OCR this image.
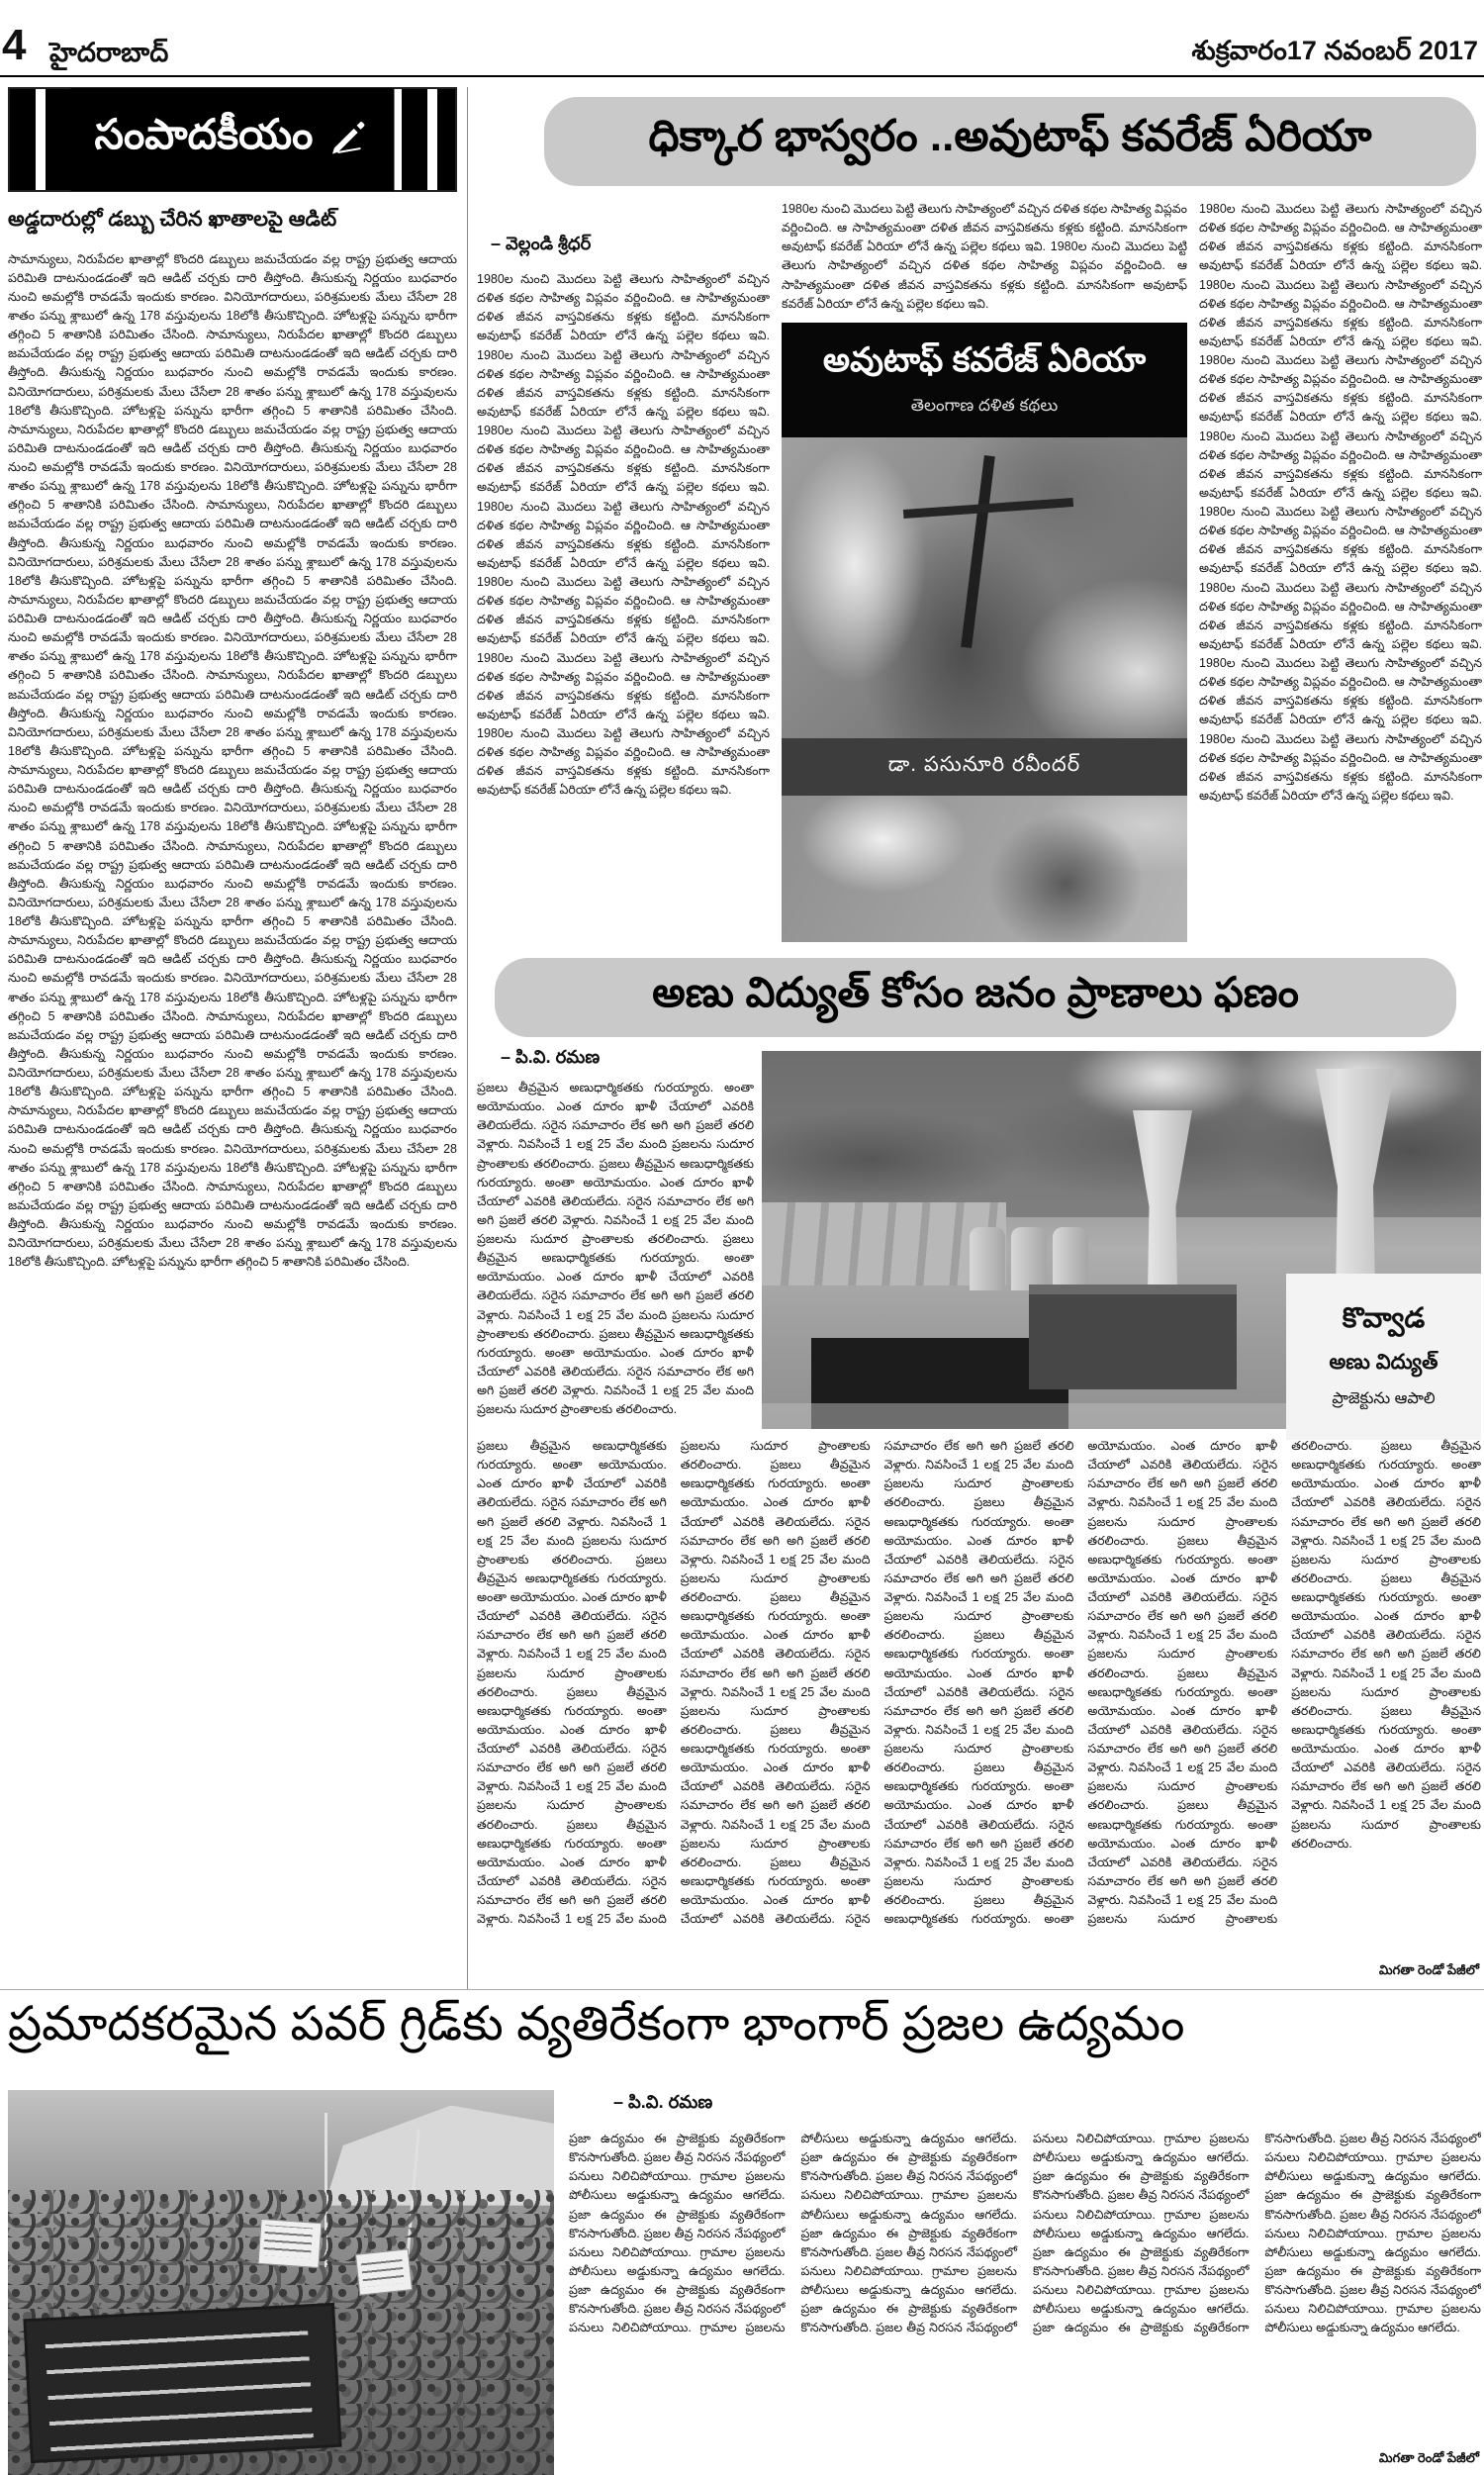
4 హైదరాబాద్	శుక్రవారం17 నవంబర్ 2017
సంపాదకీయం
అడ్డదారుల్లో డబ్బు చేరిన ఖాతాలపై ఆడిట్
సామాన్యులు, నిరుపేదల ఖాతాల్లో కొందరి డబ్బులు జమచేయడం వల్ల రాష్ట్ర ప్రభుత్వ ఆదాయ పరిమితి దాటనుండడంతో ఇది ఆడిట్ చర్చకు దారి తీస్తోంది. తీసుకున్న నిర్ణయం బుధవారం నుంచి అమల్లోకి రావడమే ఇందుకు కారణం. వినియోగదారులు, పరిశ్రమలకు మేలు చేసేలా 28 శాతం పన్ను శ్లాబులో ఉన్న 178 వస్తువులను 18లోకి తీసుకొచ్చింది. హోటళ్లపై పన్నును భారీగా తగ్గించి 5 శాతానికి పరిమితం చేసింది. సామాన్యులు, నిరుపేదల ఖాతాల్లో కొందరి డబ్బులు జమచేయడం వల్ల రాష్ట్ర ప్రభుత్వ ఆదాయ పరిమితి దాటనుండడంతో ఇది ఆడిట్ చర్చకు దారి తీస్తోంది. తీసుకున్న నిర్ణయం బుధవారం నుంచి అమల్లోకి రావడమే ఇందుకు కారణం. వినియోగదారులు, పరిశ్రమలకు మేలు చేసేలా 28 శాతం పన్ను శ్లాబులో ఉన్న 178 వస్తువులను 18లోకి తీసుకొచ్చింది. హోటళ్లపై పన్నును భారీగా తగ్గించి 5 శాతానికి పరిమితం చేసింది. సామాన్యులు, నిరుపేదల ఖాతాల్లో కొందరి డబ్బులు జమచేయడం వల్ల రాష్ట్ర ప్రభుత్వ ఆదాయ పరిమితి దాటనుండడంతో ఇది ఆడిట్ చర్చకు దారి తీస్తోంది. తీసుకున్న నిర్ణయం బుధవారం నుంచి అమల్లోకి రావడమే ఇందుకు కారణం. వినియోగదారులు, పరిశ్రమలకు మేలు చేసేలా 28 శాతం పన్ను శ్లాబులో ఉన్న 178 వస్తువులను 18లోకి తీసుకొచ్చింది. హోటళ్లపై పన్నును భారీగా తగ్గించి 5 శాతానికి పరిమితం చేసింది. సామాన్యులు, నిరుపేదల ఖాతాల్లో కొందరి డబ్బులు జమచేయడం వల్ల రాష్ట్ర ప్రభుత్వ ఆదాయ పరిమితి దాటనుండడంతో ఇది ఆడిట్ చర్చకు దారి తీస్తోంది. తీసుకున్న నిర్ణయం బుధవారం నుంచి అమల్లోకి రావడమే ఇందుకు కారణం. వినియోగదారులు, పరిశ్రమలకు మేలు చేసేలా 28 శాతం పన్ను శ్లాబులో ఉన్న 178 వస్తువులను 18లోకి తీసుకొచ్చింది. హోటళ్లపై పన్నును భారీగా తగ్గించి 5 శాతానికి పరిమితం చేసింది. సామాన్యులు, నిరుపేదల ఖాతాల్లో కొందరి డబ్బులు జమచేయడం వల్ల రాష్ట్ర ప్రభుత్వ ఆదాయ పరిమితి దాటనుండడంతో ఇది ఆడిట్ చర్చకు దారి తీస్తోంది. తీసుకున్న నిర్ణయం బుధవారం నుంచి అమల్లోకి రావడమే ఇందుకు కారణం. వినియోగదారులు, పరిశ్రమలకు మేలు చేసేలా 28 శాతం పన్ను శ్లాబులో ఉన్న 178 వస్తువులను 18లోకి తీసుకొచ్చింది. హోటళ్లపై పన్నును భారీగా తగ్గించి 5 శాతానికి పరిమితం చేసింది. సామాన్యులు, నిరుపేదల ఖాతాల్లో కొందరి డబ్బులు జమచేయడం వల్ల రాష్ట్ర ప్రభుత్వ ఆదాయ పరిమితి దాటనుండడంతో ఇది ఆడిట్ చర్చకు దారి తీస్తోంది. తీసుకున్న నిర్ణయం బుధవారం నుంచి అమల్లోకి రావడమే ఇందుకు కారణం. వినియోగదారులు, పరిశ్రమలకు మేలు చేసేలా 28 శాతం పన్ను శ్లాబులో ఉన్న 178 వస్తువులను 18లోకి తీసుకొచ్చింది. హోటళ్లపై పన్నును భారీగా తగ్గించి 5 శాతానికి పరిమితం చేసింది. సామాన్యులు, నిరుపేదల ఖాతాల్లో కొందరి డబ్బులు జమచేయడం వల్ల రాష్ట్ర ప్రభుత్వ ఆదాయ పరిమితి దాటనుండడంతో ఇది ఆడిట్ చర్చకు దారి తీస్తోంది. తీసుకున్న నిర్ణయం బుధవారం నుంచి అమల్లోకి రావడమే ఇందుకు కారణం. వినియోగదారులు, పరిశ్రమలకు మేలు చేసేలా 28 శాతం పన్ను శ్లాబులో ఉన్న 178 వస్తువులను 18లోకి తీసుకొచ్చింది. హోటళ్లపై పన్నును భారీగా తగ్గించి 5 శాతానికి పరిమితం చేసింది. సామాన్యులు, నిరుపేదల ఖాతాల్లో కొందరి డబ్బులు జమచేయడం వల్ల రాష్ట్ర ప్రభుత్వ ఆదాయ పరిమితి దాటనుండడంతో ఇది ఆడిట్ చర్చకు దారి తీస్తోంది. తీసుకున్న నిర్ణయం బుధవారం నుంచి అమల్లోకి రావడమే ఇందుకు కారణం. వినియోగదారులు, పరిశ్రమలకు మేలు చేసేలా 28 శాతం పన్ను శ్లాబులో ఉన్న 178 వస్తువులను 18లోకి తీసుకొచ్చింది. హోటళ్లపై పన్నును భారీగా తగ్గించి 5 శాతానికి పరిమితం చేసింది. సామాన్యులు, నిరుపేదల ఖాతాల్లో కొందరి డబ్బులు జమచేయడం వల్ల రాష్ట్ర ప్రభుత్వ ఆదాయ పరిమితి దాటనుండడంతో ఇది ఆడిట్ చర్చకు దారి తీస్తోంది. తీసుకున్న నిర్ణయం బుధవారం నుంచి అమల్లోకి రావడమే ఇందుకు కారణం. వినియోగదారులు, పరిశ్రమలకు మేలు చేసేలా 28 శాతం పన్ను శ్లాబులో ఉన్న 178 వస్తువులను 18లోకి తీసుకొచ్చింది. హోటళ్లపై పన్నును భారీగా తగ్గించి 5 శాతానికి పరిమితం చేసింది. సామాన్యులు, నిరుపేదల ఖాతాల్లో కొందరి డబ్బులు జమచేయడం వల్ల రాష్ట్ర ప్రభుత్వ ఆదాయ పరిమితి దాటనుండడంతో ఇది ఆడిట్ చర్చకు దారి తీస్తోంది. తీసుకున్న నిర్ణయం బుధవారం నుంచి అమల్లోకి రావడమే ఇందుకు కారణం. వినియోగదారులు, పరిశ్రమలకు మేలు చేసేలా 28 శాతం పన్ను శ్లాబులో ఉన్న 178 వస్తువులను 18లోకి తీసుకొచ్చింది. హోటళ్లపై పన్నును భారీగా తగ్గించి 5 శాతానికి పరిమితం చేసింది. సామాన్యులు, నిరుపేదల ఖాతాల్లో కొందరి డబ్బులు జమచేయడం వల్ల రాష్ట్ర ప్రభుత్వ ఆదాయ పరిమితి దాటనుండడంతో ఇది ఆడిట్ చర్చకు దారి తీస్తోంది. తీసుకున్న నిర్ణయం బుధవారం నుంచి అమల్లోకి రావడమే ఇందుకు కారణం. వినియోగదారులు, పరిశ్రమలకు మేలు చేసేలా 28 శాతం పన్ను శ్లాబులో ఉన్న 178 వస్తువులను 18లోకి తీసుకొచ్చింది. హోటళ్లపై పన్నును భారీగా తగ్గించి 5 శాతానికి పరిమితం చేసింది. సామాన్యులు, నిరుపేదల ఖాతాల్లో కొందరి డబ్బులు జమచేయడం వల్ల రాష్ట్ర ప్రభుత్వ ఆదాయ పరిమితి దాటనుండడంతో ఇది ఆడిట్ చర్చకు దారి తీస్తోంది. తీసుకున్న నిర్ణయం బుధవారం నుంచి అమల్లోకి రావడమే ఇందుకు కారణం. వినియోగదారులు, పరిశ్రమలకు మేలు చేసేలా 28 శాతం పన్ను శ్లాబులో ఉన్న 178 వస్తువులను 18లోకి తీసుకొచ్చింది. హోటళ్లపై పన్నును భారీగా తగ్గించి 5 శాతానికి పరిమితం చేసింది.
ధిక్కార భాస్వరం ..అవుటాఫ్ కవరేజ్ ఏరియా
– వెల్లండి శ్రీధర్
1980ల నుంచి మొదలు పెట్టి తెలుగు సాహిత్యంలో వచ్చిన దళిత కథల సాహిత్య విప్లవం వర్ణించింది. ఆ సాహిత్యమంతా దళిత జీవన వాస్తవికతను కళ్లకు కట్టింది. మానసికంగా అవుటాఫ్ కవరేజ్ ఏరియా లోనే ఉన్న పల్లెల కథలు ఇవి. 1980ల నుంచి మొదలు పెట్టి తెలుగు సాహిత్యంలో వచ్చిన దళిత కథల సాహిత్య విప్లవం వర్ణించింది. ఆ సాహిత్యమంతా దళిత జీవన వాస్తవికతను కళ్లకు కట్టింది. మానసికంగా అవుటాఫ్ కవరేజ్ ఏరియా లోనే ఉన్న పల్లెల కథలు ఇవి. 1980ల నుంచి మొదలు పెట్టి తెలుగు సాహిత్యంలో వచ్చిన దళిత కథల సాహిత్య విప్లవం వర్ణించింది. ఆ సాహిత్యమంతా దళిత జీవన వాస్తవికతను కళ్లకు కట్టింది. మానసికంగా అవుటాఫ్ కవరేజ్ ఏరియా లోనే ఉన్న పల్లెల కథలు ఇవి. 1980ల నుంచి మొదలు పెట్టి తెలుగు సాహిత్యంలో వచ్చిన దళిత కథల సాహిత్య విప్లవం వర్ణించింది. ఆ సాహిత్యమంతా దళిత జీవన వాస్తవికతను కళ్లకు కట్టింది. మానసికంగా అవుటాఫ్ కవరేజ్ ఏరియా లోనే ఉన్న పల్లెల కథలు ఇవి. 1980ల నుంచి మొదలు పెట్టి తెలుగు సాహిత్యంలో వచ్చిన దళిత కథల సాహిత్య విప్లవం వర్ణించింది. ఆ సాహిత్యమంతా దళిత జీవన వాస్తవికతను కళ్లకు కట్టింది. మానసికంగా అవుటాఫ్ కవరేజ్ ఏరియా లోనే ఉన్న పల్లెల కథలు ఇవి. 1980ల నుంచి మొదలు పెట్టి తెలుగు సాహిత్యంలో వచ్చిన దళిత కథల సాహిత్య విప్లవం వర్ణించింది. ఆ సాహిత్యమంతా దళిత జీవన వాస్తవికతను కళ్లకు కట్టింది. మానసికంగా అవుటాఫ్ కవరేజ్ ఏరియా లోనే ఉన్న పల్లెల కథలు ఇవి. 1980ల నుంచి మొదలు పెట్టి తెలుగు సాహిత్యంలో వచ్చిన దళిత కథల సాహిత్య విప్లవం వర్ణించింది. ఆ సాహిత్యమంతా దళిత జీవన వాస్తవికతను కళ్లకు కట్టింది. మానసికంగా అవుటాఫ్ కవరేజ్ ఏరియా లోనే ఉన్న పల్లెల కథలు ఇవి.
1980ల నుంచి మొదలు పెట్టి తెలుగు సాహిత్యంలో వచ్చిన దళిత కథల సాహిత్య విప్లవం వర్ణించింది. ఆ సాహిత్యమంతా దళిత జీవన వాస్తవికతను కళ్లకు కట్టింది. మానసికంగా అవుటాఫ్ కవరేజ్ ఏరియా లోనే ఉన్న పల్లెల కథలు ఇవి. 1980ల నుంచి మొదలు పెట్టి తెలుగు సాహిత్యంలో వచ్చిన దళిత కథల సాహిత్య విప్లవం వర్ణించింది. ఆ సాహిత్యమంతా దళిత జీవన వాస్తవికతను కళ్లకు కట్టింది. మానసికంగా అవుటాఫ్ కవరేజ్ ఏరియా లోనే ఉన్న పల్లెల కథలు ఇవి.
1980ల నుంచి మొదలు పెట్టి తెలుగు సాహిత్యంలో వచ్చిన దళిత కథల సాహిత్య విప్లవం వర్ణించింది. ఆ సాహిత్యమంతా దళిత జీవన వాస్తవికతను కళ్లకు కట్టింది. మానసికంగా అవుటాఫ్ కవరేజ్ ఏరియా లోనే ఉన్న పల్లెల కథలు ఇవి. 1980ల నుంచి మొదలు పెట్టి తెలుగు సాహిత్యంలో వచ్చిన దళిత కథల సాహిత్య విప్లవం వర్ణించింది. ఆ సాహిత్యమంతా దళిత జీవన వాస్తవికతను కళ్లకు కట్టింది. మానసికంగా అవుటాఫ్ కవరేజ్ ఏరియా లోనే ఉన్న పల్లెల కథలు ఇవి. 1980ల నుంచి మొదలు పెట్టి తెలుగు సాహిత్యంలో వచ్చిన దళిత కథల సాహిత్య విప్లవం వర్ణించింది. ఆ సాహిత్యమంతా దళిత జీవన వాస్తవికతను కళ్లకు కట్టింది. మానసికంగా అవుటాఫ్ కవరేజ్ ఏరియా లోనే ఉన్న పల్లెల కథలు ఇవి. 1980ల నుంచి మొదలు పెట్టి తెలుగు సాహిత్యంలో వచ్చిన దళిత కథల సాహిత్య విప్లవం వర్ణించింది. ఆ సాహిత్యమంతా దళిత జీవన వాస్తవికతను కళ్లకు కట్టింది. మానసికంగా అవుటాఫ్ కవరేజ్ ఏరియా లోనే ఉన్న పల్లెల కథలు ఇవి. 1980ల నుంచి మొదలు పెట్టి తెలుగు సాహిత్యంలో వచ్చిన దళిత కథల సాహిత్య విప్లవం వర్ణించింది. ఆ సాహిత్యమంతా దళిత జీవన వాస్తవికతను కళ్లకు కట్టింది. మానసికంగా అవుటాఫ్ కవరేజ్ ఏరియా లోనే ఉన్న పల్లెల కథలు ఇవి. 1980ల నుంచి మొదలు పెట్టి తెలుగు సాహిత్యంలో వచ్చిన దళిత కథల సాహిత్య విప్లవం వర్ణించింది. ఆ సాహిత్యమంతా దళిత జీవన వాస్తవికతను కళ్లకు కట్టింది. మానసికంగా అవుటాఫ్ కవరేజ్ ఏరియా లోనే ఉన్న పల్లెల కథలు ఇవి. 1980ల నుంచి మొదలు పెట్టి తెలుగు సాహిత్యంలో వచ్చిన దళిత కథల సాహిత్య విప్లవం వర్ణించింది. ఆ సాహిత్యమంతా దళిత జీవన వాస్తవికతను కళ్లకు కట్టింది. మానసికంగా అవుటాఫ్ కవరేజ్ ఏరియా లోనే ఉన్న పల్లెల కథలు ఇవి. 1980ల నుంచి మొదలు పెట్టి తెలుగు సాహిత్యంలో వచ్చిన దళిత కథల సాహిత్య విప్లవం వర్ణించింది. ఆ సాహిత్యమంతా దళిత జీవన వాస్తవికతను కళ్లకు కట్టింది. మానసికంగా అవుటాఫ్ కవరేజ్ ఏరియా లోనే ఉన్న పల్లెల కథలు ఇవి.
అవుటాఫ్ కవరేజ్ ఏరియా
తెలంగాణ దళిత కథలు
డా. పసునూరి రవీందర్
అణు విద్యుత్ కోసం జనం ప్రాణాలు ఫణం
– పి.వి. రమణ
ప్రజలు తీవ్రమైన అణుధార్మికతకు గురయ్యారు. అంతా అయోమయం. ఎంత దూరం ఖాళీ చేయాలో ఎవరికి తెలియలేదు. సరైన సమాచారం లేక అగి అగి ప్రజలే తరలి వెళ్లారు. నివసించే 1 లక్ష 25 వేల మంది ప్రజలను సుదూర ప్రాంతాలకు తరలించారు. ప్రజలు తీవ్రమైన అణుధార్మికతకు గురయ్యారు. అంతా అయోమయం. ఎంత దూరం ఖాళీ చేయాలో ఎవరికి తెలియలేదు. సరైన సమాచారం లేక అగి అగి ప్రజలే తరలి వెళ్లారు. నివసించే 1 లక్ష 25 వేల మంది ప్రజలను సుదూర ప్రాంతాలకు తరలించారు. ప్రజలు తీవ్రమైన అణుధార్మికతకు గురయ్యారు. అంతా అయోమయం. ఎంత దూరం ఖాళీ చేయాలో ఎవరికి తెలియలేదు. సరైన సమాచారం లేక అగి అగి ప్రజలే తరలి వెళ్లారు. నివసించే 1 లక్ష 25 వేల మంది ప్రజలను సుదూర ప్రాంతాలకు తరలించారు. ప్రజలు తీవ్రమైన అణుధార్మికతకు గురయ్యారు. అంతా అయోమయం. ఎంత దూరం ఖాళీ చేయాలో ఎవరికి తెలియలేదు. సరైన సమాచారం లేక అగి అగి ప్రజలే తరలి వెళ్లారు. నివసించే 1 లక్ష 25 వేల మంది ప్రజలను సుదూర ప్రాంతాలకు తరలించారు.
కొవ్వాడ
అణు విద్యుత్
ప్రాజెక్టును ఆపాలి
ప్రజలు తీవ్రమైన అణుధార్మికతకు గురయ్యారు. అంతా అయోమయం. ఎంత దూరం ఖాళీ చేయాలో ఎవరికి తెలియలేదు. సరైన సమాచారం లేక అగి అగి ప్రజలే తరలి వెళ్లారు. నివసించే 1 లక్ష 25 వేల మంది ప్రజలను సుదూర ప్రాంతాలకు తరలించారు. ప్రజలు తీవ్రమైన అణుధార్మికతకు గురయ్యారు. అంతా అయోమయం. ఎంత దూరం ఖాళీ చేయాలో ఎవరికి తెలియలేదు. సరైన సమాచారం లేక అగి అగి ప్రజలే తరలి వెళ్లారు. నివసించే 1 లక్ష 25 వేల మంది ప్రజలను సుదూర ప్రాంతాలకు తరలించారు. ప్రజలు తీవ్రమైన అణుధార్మికతకు గురయ్యారు. అంతా అయోమయం. ఎంత దూరం ఖాళీ చేయాలో ఎవరికి తెలియలేదు. సరైన సమాచారం లేక అగి అగి ప్రజలే తరలి వెళ్లారు. నివసించే 1 లక్ష 25 వేల మంది ప్రజలను సుదూర ప్రాంతాలకు తరలించారు. ప్రజలు తీవ్రమైన అణుధార్మికతకు గురయ్యారు. అంతా అయోమయం. ఎంత దూరం ఖాళీ చేయాలో ఎవరికి తెలియలేదు. సరైన సమాచారం లేక అగి అగి ప్రజలే తరలి వెళ్లారు. నివసించే 1 లక్ష 25 వేల మంది ప్రజలను సుదూర ప్రాంతాలకు తరలించారు. ప్రజలు తీవ్రమైన అణుధార్మికతకు గురయ్యారు. అంతా అయోమయం. ఎంత దూరం ఖాళీ చేయాలో ఎవరికి తెలియలేదు. సరైన సమాచారం లేక అగి అగి ప్రజలే తరలి వెళ్లారు. నివసించే 1 లక్ష 25 వేల మంది ప్రజలను సుదూర ప్రాంతాలకు తరలించారు. ప్రజలు తీవ్రమైన అణుధార్మికతకు గురయ్యారు. అంతా అయోమయం. ఎంత దూరం ఖాళీ చేయాలో ఎవరికి తెలియలేదు. సరైన సమాచారం లేక అగి అగి ప్రజలే తరలి వెళ్లారు. నివసించే 1 లక్ష 25 వేల మంది ప్రజలను సుదూర ప్రాంతాలకు తరలించారు. ప్రజలు తీవ్రమైన అణుధార్మికతకు గురయ్యారు. అంతా అయోమయం. ఎంత దూరం ఖాళీ చేయాలో ఎవరికి తెలియలేదు. సరైన సమాచారం లేక అగి అగి ప్రజలే తరలి వెళ్లారు. నివసించే 1 లక్ష 25 వేల మంది ప్రజలను సుదూర ప్రాంతాలకు తరలించారు. ప్రజలు తీవ్రమైన అణుధార్మికతకు గురయ్యారు. అంతా అయోమయం. ఎంత దూరం ఖాళీ చేయాలో ఎవరికి తెలియలేదు. సరైన సమాచారం లేక అగి అగి ప్రజలే తరలి వెళ్లారు. నివసించే 1 లక్ష 25 వేల మంది ప్రజలను సుదూర ప్రాంతాలకు తరలించారు. ప్రజలు తీవ్రమైన అణుధార్మికతకు గురయ్యారు. అంతా అయోమయం. ఎంత దూరం ఖాళీ చేయాలో ఎవరికి తెలియలేదు. సరైన సమాచారం లేక అగి అగి ప్రజలే తరలి వెళ్లారు. నివసించే 1 లక్ష 25 వేల మంది ప్రజలను సుదూర ప్రాంతాలకు తరలించారు. ప్రజలు తీవ్రమైన అణుధార్మికతకు గురయ్యారు. అంతా అయోమయం. ఎంత దూరం ఖాళీ చేయాలో ఎవరికి తెలియలేదు. సరైన సమాచారం లేక అగి అగి ప్రజలే తరలి వెళ్లారు. నివసించే 1 లక్ష 25 వేల మంది ప్రజలను సుదూర ప్రాంతాలకు తరలించారు. ప్రజలు తీవ్రమైన అణుధార్మికతకు గురయ్యారు. అంతా అయోమయం. ఎంత దూరం ఖాళీ చేయాలో ఎవరికి తెలియలేదు. సరైన సమాచారం లేక అగి అగి ప్రజలే తరలి వెళ్లారు. నివసించే 1 లక్ష 25 వేల మంది ప్రజలను సుదూర ప్రాంతాలకు తరలించారు. ప్రజలు తీవ్రమైన అణుధార్మికతకు గురయ్యారు. అంతా అయోమయం. ఎంత దూరం ఖాళీ చేయాలో ఎవరికి తెలియలేదు. సరైన సమాచారం లేక అగి అగి ప్రజలే తరలి వెళ్లారు. నివసించే 1 లక్ష 25 వేల మంది ప్రజలను సుదూర ప్రాంతాలకు తరలించారు. ప్రజలు తీవ్రమైన అణుధార్మికతకు గురయ్యారు. అంతా అయోమయం. ఎంత దూరం ఖాళీ చేయాలో ఎవరికి తెలియలేదు. సరైన సమాచారం లేక అగి అగి ప్రజలే తరలి వెళ్లారు. నివసించే 1 లక్ష 25 వేల మంది ప్రజలను సుదూర ప్రాంతాలకు తరలించారు. ప్రజలు తీవ్రమైన అణుధార్మికతకు గురయ్యారు. అంతా అయోమయం. ఎంత దూరం ఖాళీ చేయాలో ఎవరికి తెలియలేదు. సరైన సమాచారం లేక అగి అగి ప్రజలే తరలి వెళ్లారు. నివసించే 1 లక్ష 25 వేల మంది ప్రజలను సుదూర ప్రాంతాలకు తరలించారు. ప్రజలు తీవ్రమైన అణుధార్మికతకు గురయ్యారు. అంతా అయోమయం. ఎంత దూరం ఖాళీ చేయాలో ఎవరికి తెలియలేదు. సరైన సమాచారం లేక అగి అగి ప్రజలే తరలి వెళ్లారు. నివసించే 1 లక్ష 25 వేల మంది ప్రజలను సుదూర ప్రాంతాలకు తరలించారు. ప్రజలు తీవ్రమైన అణుధార్మికతకు గురయ్యారు. అంతా అయోమయం. ఎంత దూరం ఖాళీ చేయాలో ఎవరికి తెలియలేదు. సరైన సమాచారం లేక అగి అగి ప్రజలే తరలి వెళ్లారు. నివసించే 1 లక్ష 25 వేల మంది ప్రజలను సుదూర ప్రాంతాలకు తరలించారు. ప్రజలు తీవ్రమైన అణుధార్మికతకు గురయ్యారు. అంతా అయోమయం. ఎంత దూరం ఖాళీ చేయాలో ఎవరికి తెలియలేదు. సరైన సమాచారం లేక అగి అగి ప్రజలే తరలి వెళ్లారు. నివసించే 1 లక్ష 25 వేల మంది ప్రజలను సుదూర ప్రాంతాలకు తరలించారు. ప్రజలు తీవ్రమైన అణుధార్మికతకు గురయ్యారు. అంతా అయోమయం. ఎంత దూరం ఖాళీ చేయాలో ఎవరికి తెలియలేదు. సరైన సమాచారం లేక అగి అగి ప్రజలే తరలి వెళ్లారు. నివసించే 1 లక్ష 25 వేల మంది ప్రజలను సుదూర ప్రాంతాలకు తరలించారు.
మిగతా రెండో పేజీలో
ప్రమాదకరమైన పవర్ గ్రిడ్‌కు వ్యతిరేకంగా భాంగార్ ప్రజల ఉద్యమం
– పి.వి. రమణ
ప్రజా ఉద్యమం ఈ ప్రాజెక్టుకు వ్యతిరేకంగా కొనసాగుతోంది. ప్రజల తీవ్ర నిరసన నేపథ్యంలో పనులు నిలిచిపోయాయి. గ్రామాల ప్రజలను పోలీసులు అడ్డుకున్నా ఉద్యమం ఆగలేదు. ప్రజా ఉద్యమం ఈ ప్రాజెక్టుకు వ్యతిరేకంగా కొనసాగుతోంది. ప్రజల తీవ్ర నిరసన నేపథ్యంలో పనులు నిలిచిపోయాయి. గ్రామాల ప్రజలను పోలీసులు అడ్డుకున్నా ఉద్యమం ఆగలేదు. ప్రజా ఉద్యమం ఈ ప్రాజెక్టుకు వ్యతిరేకంగా కొనసాగుతోంది. ప్రజల తీవ్ర నిరసన నేపథ్యంలో పనులు నిలిచిపోయాయి. గ్రామాల ప్రజలను పోలీసులు అడ్డుకున్నా ఉద్యమం ఆగలేదు. ప్రజా ఉద్యమం ఈ ప్రాజెక్టుకు వ్యతిరేకంగా కొనసాగుతోంది. ప్రజల తీవ్ర నిరసన నేపథ్యంలో పనులు నిలిచిపోయాయి. గ్రామాల ప్రజలను పోలీసులు అడ్డుకున్నా ఉద్యమం ఆగలేదు. ప్రజా ఉద్యమం ఈ ప్రాజెక్టుకు వ్యతిరేకంగా కొనసాగుతోంది. ప్రజల తీవ్ర నిరసన నేపథ్యంలో పనులు నిలిచిపోయాయి. గ్రామాల ప్రజలను పోలీసులు అడ్డుకున్నా ఉద్యమం ఆగలేదు. ప్రజా ఉద్యమం ఈ ప్రాజెక్టుకు వ్యతిరేకంగా కొనసాగుతోంది. ప్రజల తీవ్ర నిరసన నేపథ్యంలో పనులు నిలిచిపోయాయి. గ్రామాల ప్రజలను పోలీసులు అడ్డుకున్నా ఉద్యమం ఆగలేదు. ప్రజా ఉద్యమం ఈ ప్రాజెక్టుకు వ్యతిరేకంగా కొనసాగుతోంది. ప్రజల తీవ్ర నిరసన నేపథ్యంలో పనులు నిలిచిపోయాయి. గ్రామాల ప్రజలను పోలీసులు అడ్డుకున్నా ఉద్యమం ఆగలేదు. ప్రజా ఉద్యమం ఈ ప్రాజెక్టుకు వ్యతిరేకంగా కొనసాగుతోంది. ప్రజల తీవ్ర నిరసన నేపథ్యంలో పనులు నిలిచిపోయాయి. గ్రామాల ప్రజలను పోలీసులు అడ్డుకున్నా ఉద్యమం ఆగలేదు. ప్రజా ఉద్యమం ఈ ప్రాజెక్టుకు వ్యతిరేకంగా కొనసాగుతోంది. ప్రజల తీవ్ర నిరసన నేపథ్యంలో పనులు నిలిచిపోయాయి. గ్రామాల ప్రజలను పోలీసులు అడ్డుకున్నా ఉద్యమం ఆగలేదు. ప్రజా ఉద్యమం ఈ ప్రాజెక్టుకు వ్యతిరేకంగా కొనసాగుతోంది. ప్రజల తీవ్ర నిరసన నేపథ్యంలో పనులు నిలిచిపోయాయి. గ్రామాల ప్రజలను పోలీసులు అడ్డుకున్నా ఉద్యమం ఆగలేదు. ప్రజా ఉద్యమం ఈ ప్రాజెక్టుకు వ్యతిరేకంగా కొనసాగుతోంది. ప్రజల తీవ్ర నిరసన నేపథ్యంలో పనులు నిలిచిపోయాయి. గ్రామాల ప్రజలను పోలీసులు అడ్డుకున్నా ఉద్యమం ఆగలేదు.
మిగతా రెండో పేజీలో
